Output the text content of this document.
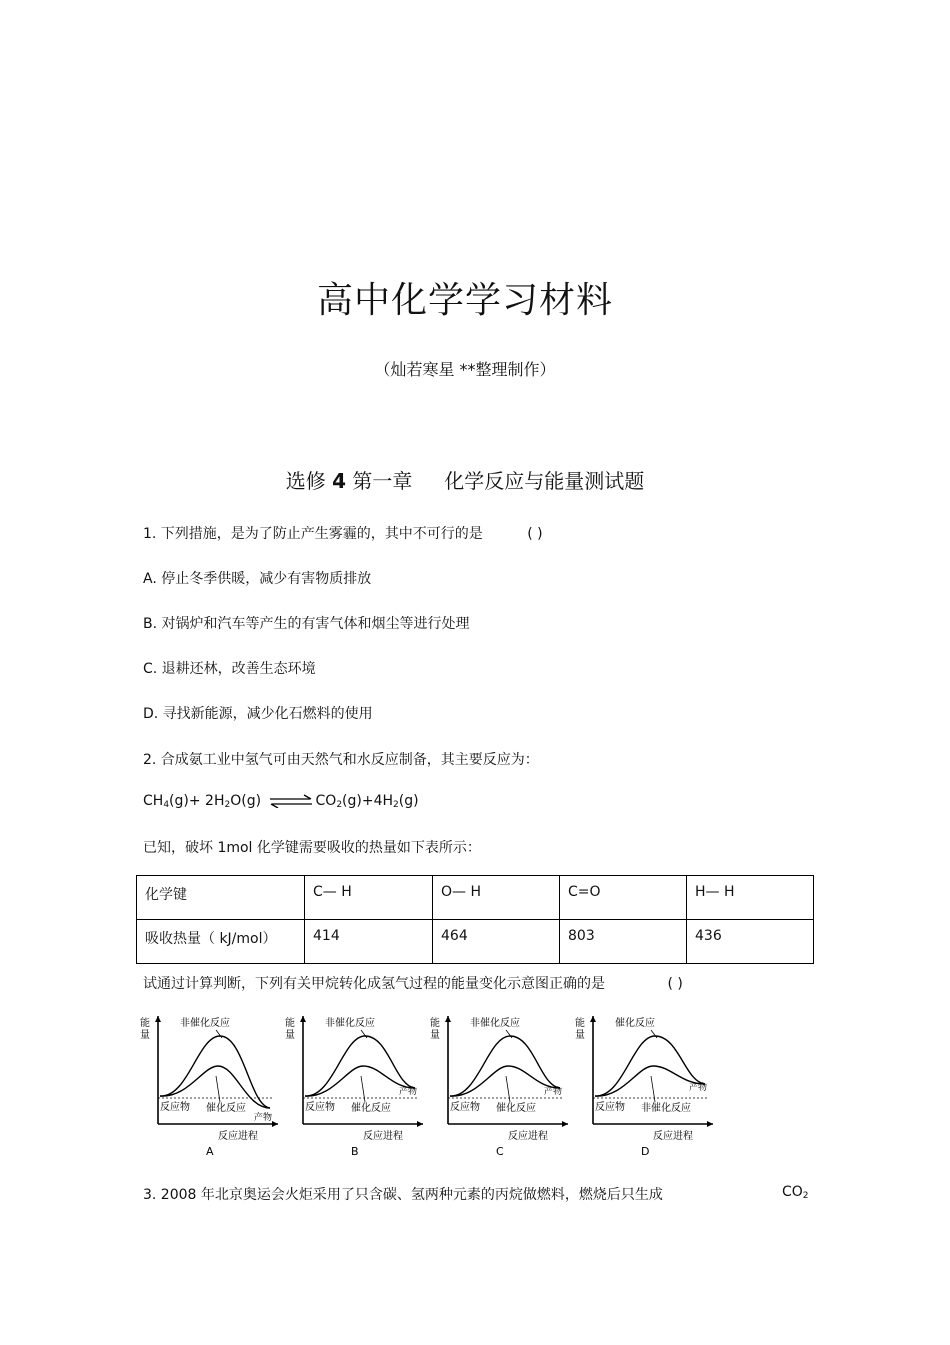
高中化学学习材料
（灿若寒星 **整理制作）
选修 4 第一章 化学反应与能量测试题
1. 下列措施，是为了防止产生雾霾的，其中不可行的是	( )
A. 停止冬季供暖，减少有害物质排放
B. 对锅炉和汽车等产生的有害气体和烟尘等进行处理
C. 退耕还林，改善生态环境
D. 寻找新能源，减少化石燃料的使用
2. 合成氨工业中氢气可由天然气和水反应制备，其主要反应为：
$CH_4(g)+ 2H_2O(g)$ ⇌ $CO_2(g)+4H_2(g)$
已知，破坏 1mol 化学键需要吸收的热量如下表所示：
化学键	C— H	O— H	C=O	H— H
吸收热量（ kJ/mol）	414	464	803	436
试通过计算判断，下列有关甲烷转化成氢气过程的能量变化示意图正确的是	( )
能
量
非催化反应
反应物 催化反应
产物
反应进程
A
能
量
非催化反应
反应物 催化反应
产物
反应进程
B
能
量
非催化反应
反应物 催化反应
产物
反应进程
C
能
量
催化反应
反应物 非催化反应
产物
反应进程
D
3. 2008 年北京奥运会火炬采用了只含碳、氢两种元素的丙烷做燃料，燃烧后只生成	$CO_2$
